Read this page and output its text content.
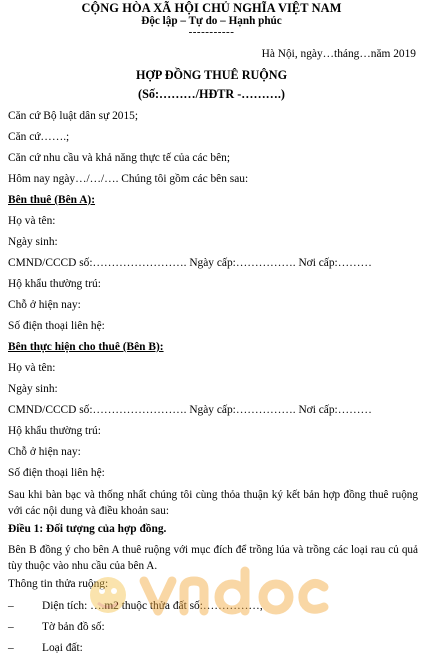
CỘNG HÒA XÃ HỘI CHỦ NGHĨA VIỆT NAM
Độc lập – Tự do – Hạnh phúc
-----------
Hà Nội, ngày…tháng…năm 2019
HỢP ĐỒNG THUÊ RUỘNG
(Số:………/HĐTR -……….)
Căn cứ Bộ luật dân sự 2015;
Căn cứ…….;
Căn cứ nhu cầu và khả năng thực tế của các bên;
Hôm nay ngày…/…/…. Chúng tôi gồm các bên sau:
Bên thuê (Bên A):
Họ và tên:
Ngày sinh:
CMND/CCCD số:……………………. Ngày cấp:……………. Nơi cấp:………
Hộ khẩu thường trú:
Chỗ ở hiện nay:
Số điện thoại liên hệ:
Bên thực hiện cho thuê (Bên B):
Họ và tên:
Ngày sinh:
CMND/CCCD số:……………………. Ngày cấp:……………. Nơi cấp:………
Hộ khẩu thường trú:
Chỗ ở hiện nay:
Số điện thoại liên hệ:
Sau khi bàn bạc và thống nhất chúng tôi cùng thỏa thuận ký kết bản hợp đồng thuê ruộng với các nội dung và điều khoản sau:
Điều 1: Đối tượng của hợp đồng.
Bên B đồng ý cho bên A thuê ruộng với mục đích để trồng lúa và trồng các loại rau củ quả tùy thuộc vào nhu cầu của bên A.
Thông tin thửa ruộng:
– Diện tích: ….m2 thuộc thửa đất số:……………,
– Tờ bản đồ số:
– Loại đất:
